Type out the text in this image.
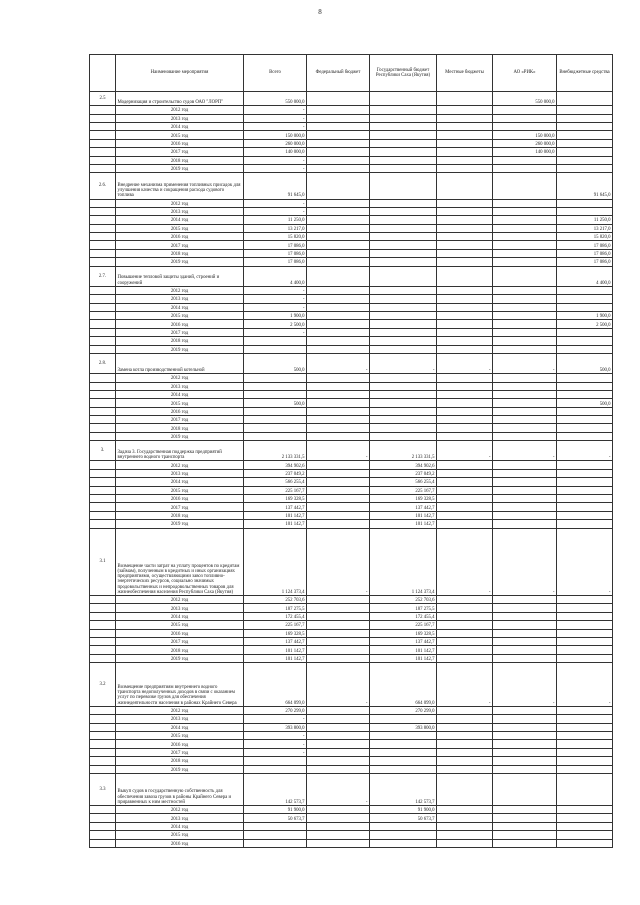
8
	Наименование мероприятия	Всего	Федеральный бюджет	Государственный бюджет Республики Саха (Якутия)	Местные бюджеты	АО «РИК»	Внебюджетные средства
2.5	Модернизация и строительство судов ОАО "ЛОРП"	550 000,0				550 000,0	
	2012 год	-					
	2013 год	-					
	2014 год	-					
	2015 год	150 000,0				150 000,0	
	2016 год	260 000,0				260 000,0	
	2017 год	140 000,0				140 000,0	
	2018 год	-					
	2019 год	-					
2.6.	Внедрение механизма применения топливных присадок для улучшения качества и сокращения расхода судового топлива	91 645,0					91 645,0
	2012 год	-					
	2013 год	-					
	2014 год	11 250,0					11 250,0
	2015 год	13 217,0					13 217,0
	2016 год	15 820,0					15 820,0
	2017 год	17 086,0					17 086,0
	2018 год	17 086,0					17 086,0
	2019 год	17 086,0					17 086,0
2.7.	Повышение тепловой защиты зданий, строений и сооружений	4 400,0					4 400,0
	2012 год	-					
	2013 год	-					
	2014 год	-					
	2015 год	1 900,0					1 900,0
	2016 год	2 500,0					2 500,0
	2017 год	-					
	2018 год						
	2019 год						
2.8.	Замена котла производственной котельной	500,0	-	-	-	-	500,0
	2012 год						
	2013 год						
	2014 год						
	2015 год	500,0					500,0
	2016 год						
	2017 год						
	2018 год						
	2019 год						
3.	Задача 3. Государственная поддержка предприятий внутреннего водного транспорта	2 133 331,5	-	2 133 331,5	-	-	-
	2012 год	394 902,6		394 902,6			
	2013 год	237 049,2		237 049,2			
	2014 год	566 255,4		566 255,4			
	2015 год	225 167,7		225 167,7			
	2016 год	169 328,5		169 328,5			
	2017 год	137 442,7		137 442,7			
	2018 год	101 142,7		101 142,7			
	2019 год	101 142,7		101 142,7			
3.1	Возмещение части затрат на уплату процентов по кредитам (займам), полученным в кредитных и иных организациях предприятиями, осуществляющими завоз топливно-энергетических ресурсов, социально значимых продовольственных и непродовольственных товаров для жизнеобеспечения населения Республики Саха (Якутия)	1 124 373,4	-	1 124 373,4	-	-	-
	2012 год	252 703,6		252 703,6			
	2013 год	187 275,5		187 275,5			
	2014 год	172 455,4		172 455,4			
	2015 год	225 167,7		225 167,7			
	2016 год	169 328,5		169 328,5			
	2017 год	137 442,7		137 442,7			
	2018 год	101 142,7		101 142,7			
	2019 год	101 142,7		101 142,7			
3.2	Возмещение предприятиям внутреннего водного транспорта недополученных доходов в связи с оказанием услуг по перевозке грузов для обеспечения жизнедеятельности населения в районах Крайнего Севера	664 099,0	-	664 099,0	-	-	-
	2012 год	270 299,0		270 299,0			
	2013 год	-					
	2014 год	393 800,0		393 800,0			
	2015 год	-					
	2016 год	-					
	2017 год	-					
	2018 год						
	2019 год						
3.3	Выкуп судов в государственную собственность для обеспечения завоза грузов в районы Крайнего Севера и приравненных к ним местностей	142 573,7	-	142 573,7			
	2012 год	91 900,0		91 900,0			
	2013 год	50 673,7		50 673,7			
	2014 год						
	2015 год						
	2016 год						
